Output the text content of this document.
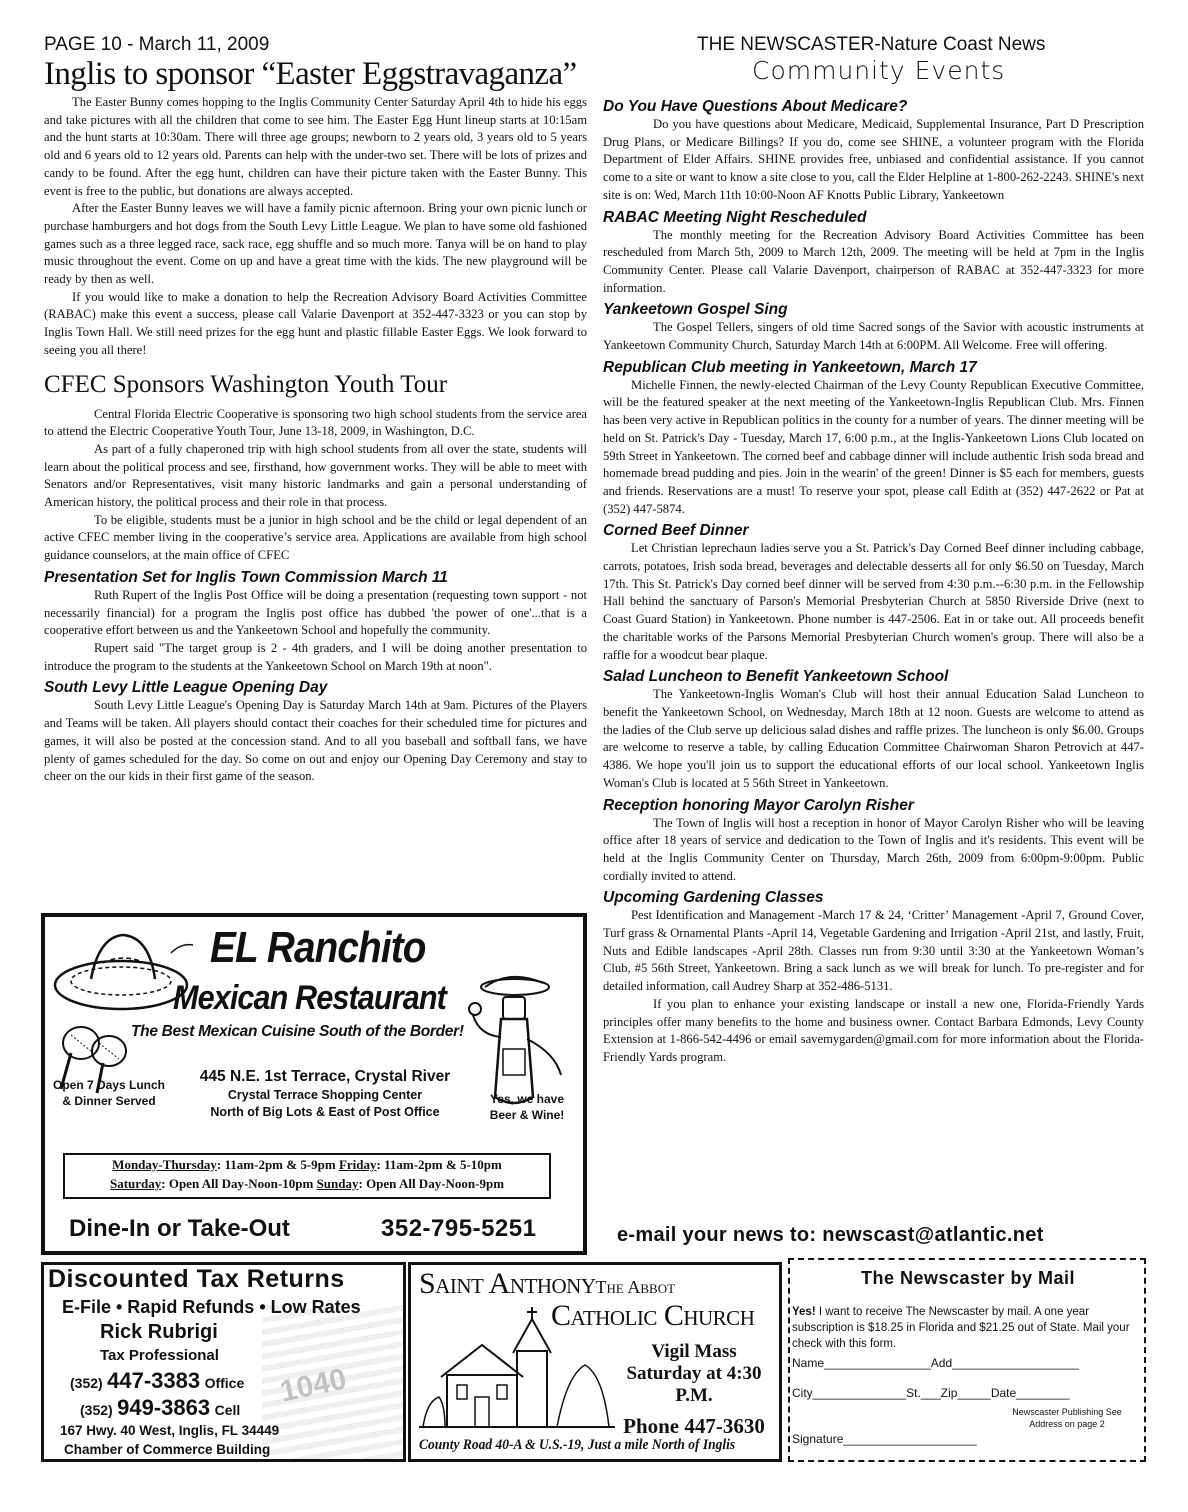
PAGE 10 - March 11, 2009	THE NEWSCASTER-Nature Coast News
Community Events
Inglis to sponsor “Easter Eggstravaganza”

The Easter Bunny comes hopping to the Inglis Community Center Saturday April 4th to hide his eggs and take pictures with all the children that come to see him. The Easter Egg Hunt lineup starts at 10:15am and the hunt starts at 10:30am. There will three age groups; newborn to 2 years old, 3 years old to 5 years old and 6 years old to 12 years old. Parents can help with the under-two set. There will be lots of prizes and candy to be found. After the egg hunt, children can have their picture taken with the Easter Bunny. This event is free to the public, but donations are always accepted.

After the Easter Bunny leaves we will have a family picnic afternoon. Bring your own picnic lunch or purchase hamburgers and hot dogs from the South Levy Little League. We plan to have some old fashioned games such as a three legged race, sack race, egg shuffle and so much more. Tanya will be on hand to play music throughout the event. Come on up and have a great time with the kids. The new playground will be ready by then as well.

If you would like to make a donation to help the Recreation Advisory Board Activities Committee (RABAC) make this event a success, please call Valarie Davenport at 352-447-3323 or you can stop by Inglis Town Hall. We still need prizes for the egg hunt and plastic fillable Easter Eggs. We look forward to seeing you all there!

CFEC Sponsors Washington Youth Tour

Central Florida Electric Cooperative is sponsoring two high school students from the service area to attend the Electric Cooperative Youth Tour, June 13-18, 2009, in Washington, D.C.

As part of a fully chaperoned trip with high school students from all over the state, students will learn about the political process and see, firsthand, how government works. They will be able to meet with Senators and/or Representatives, visit many historic landmarks and gain a personal understanding of American history, the political process and their role in that process.

To be eligible, students must be a junior in high school and be the child or legal dependent of an active CFEC member living in the cooperative’s service area. Applications are available from high school guidance counselors, at the main office of CFEC

Presentation Set for Inglis Town Commission March 11

Ruth Rupert of the Inglis Post Office will be doing a presentation (requesting town support - not necessarily financial) for a program the Inglis post office has dubbed 'the power of one'...that is a cooperative effort between us and the Yankeetown School and hopefully the community.

Rupert said "The target group is 2 - 4th graders, and I will be doing another presentation to introduce the program to the students at the Yankeetown School on March 19th at noon".

South Levy Little League Opening Day

South Levy Little League's Opening Day is Saturday March 14th at 9am. Pictures of the Players and Teams will be taken. All players should contact their coaches for their scheduled time for pictures and games, it will also be posted at the concession stand. And to all you baseball and softball fans, we have plenty of games scheduled for the day. So come on out and enjoy our Opening Day Ceremony and stay to cheer on the our kids in their first game of the season.

Do You Have Questions About Medicare?

Do you have questions about Medicare, Medicaid, Supplemental Insurance, Part D Prescription Drug Plans, or Medicare Billings? If you do, come see SHINE, a volunteer program with the Florida Department of Elder Affairs. SHINE provides free, unbiased and confidential assistance. If you cannot come to a site or want to know a site close to you, call the Elder Helpline at 1-800-262-2243. SHINE's next site is on: Wed, March 11th 10:00-Noon AF Knotts Public Library, Yankeetown

RABAC Meeting Night Rescheduled

The monthly meeting for the Recreation Advisory Board Activities Committee has been rescheduled from March 5th, 2009 to March 12th, 2009. The meeting will be held at 7pm in the Inglis Community Center. Please call Valarie Davenport, chairperson of RABAC at 352-447-3323 for more information.

Yankeetown Gospel Sing

The Gospel Tellers, singers of old time Sacred songs of the Savior with acoustic instruments at Yankeetown Community Church, Saturday March 14th at 6:00PM. All Welcome. Free will offering.

Republican Club meeting in Yankeetown, March 17

Michelle Finnen, the newly-elected Chairman of the Levy County Republican Executive Committee, will be the featured speaker at the next meeting of the Yankeetown-Inglis Republican Club. Mrs. Finnen has been very active in Republican politics in the county for a number of years. The dinner meeting will be held on St. Patrick's Day - Tuesday, March 17, 6:00 p.m., at the Inglis-Yankeetown Lions Club located on 59th Street in Yankeetown. The corned beef and cabbage dinner will include authentic Irish soda bread and homemade bread pudding and pies. Join in the wearin' of the green! Dinner is $5 each for members, guests and friends. Reservations are a must! To reserve your spot, please call Edith at (352) 447-2622 or Pat at (352) 447-5874.

Corned Beef Dinner

Let Christian leprechaun ladies serve you a St. Patrick's Day Corned Beef dinner including cabbage, carrots, potatoes, Irish soda bread, beverages and delectable desserts all for only $6.50 on Tuesday, March 17th. This St. Patrick's Day corned beef dinner will be served from 4:30 p.m.--6:30 p.m. in the Fellowship Hall behind the sanctuary of Parson's Memorial Presbyterian Church at 5850 Riverside Drive (next to Coast Guard Station) in Yankeetown. Phone number is 447-2506. Eat in or take out. All proceeds benefit the charitable works of the Parsons Memorial Presbyterian Church women's group. There will also be a raffle for a woodcut bear plaque.

Salad Luncheon to Benefit Yankeetown School

The Yankeetown-Inglis Woman's Club will host their annual Education Salad Luncheon to benefit the Yankeetown School, on Wednesday, March 18th at 12 noon. Guests are welcome to attend as the ladies of the Club serve up delicious salad dishes and raffle prizes. The luncheon is only $6.00. Groups are welcome to reserve a table, by calling Education Committee Chairwoman Sharon Petrovich at 447-4386. We hope you'll join us to support the educational efforts of our local school. Yankeetown Inglis Woman's Club is located at 5 56th Street in Yankeetown.

Reception honoring Mayor Carolyn Risher

The Town of Inglis will host a reception in honor of Mayor Carolyn Risher who will be leaving office after 18 years of service and dedication to the Town of Inglis and it's residents. This event will be held at the Inglis Community Center on Thursday, March 26th, 2009 from 6:00pm-9:00pm. Public cordially invited to attend.

Upcoming Gardening Classes

Pest Identification and Management -March 17 & 24, ‘Critter’ Management -April 7, Ground Cover, Turf grass & Ornamental Plants -April 14, Vegetable Gardening and Irrigation -April 21st, and lastly, Fruit, Nuts and Edible landscapes -April 28th. Classes run from 9:30 until 3:30 at the Yankeetown Woman’s Club, #5 56th Street, Yankeetown. Bring a sack lunch as we will break for lunch. To pre-register and for detailed information, call Audrey Sharp at 352-486-5131.

If you plan to enhance your existing landscape or install a new one, Florida-Friendly Yards principles offer many benefits to the home and business owner. Contact Barbara Edmonds, Levy County Extension at 1-866-542-4496 or email savemygarden@gmail.com for more information about the Florida-Friendly Yards program.

e-mail your news to: newscast@atlantic.net
EL Ranchito
Mexican Restaurant
The Best Mexican Cuisine South of the Border!
Open 7 Days Lunch & Dinner Served
445 N.E. 1st Terrace, Crystal River
Crystal Terrace Shopping Center
North of Big Lots & East of Post Office
Yes, we have Beer & Wine!
Monday-Thursday: 11am-2pm & 5-9pm Friday: 11am-2pm & 5-10pm
Saturday: Open All Day-Noon-10pm Sunday: Open All Day-Noon-9pm
Dine-In or Take-Out	352-795-5251
1040
Discounted Tax Returns
E-File • Rapid Refunds • Low Rates
Rick Rubrigi
Tax Professional
(352) 447-3383 Office
(352) 949-3863 Cell
167 Hwy. 40 West, Inglis, FL 34449
Chamber of Commerce Building
Saint AnthonyThe Abbot
Catholic Church
Vigil Mass
Saturday at 4:30 P.M.
Phone 447-3630
County Road 40-A & U.S.-19, Just a mile North of Inglis
The Newscaster by Mail
Yes! I want to receive The Newscaster by mail. A one year subscription is $18.25 in Florida and $21.25 out of State. Mail your check with this form.
Name________________Add___________________
City______________St.___Zip_____Date________
Newscaster Publishing See Address on page 2
Signature____________________
